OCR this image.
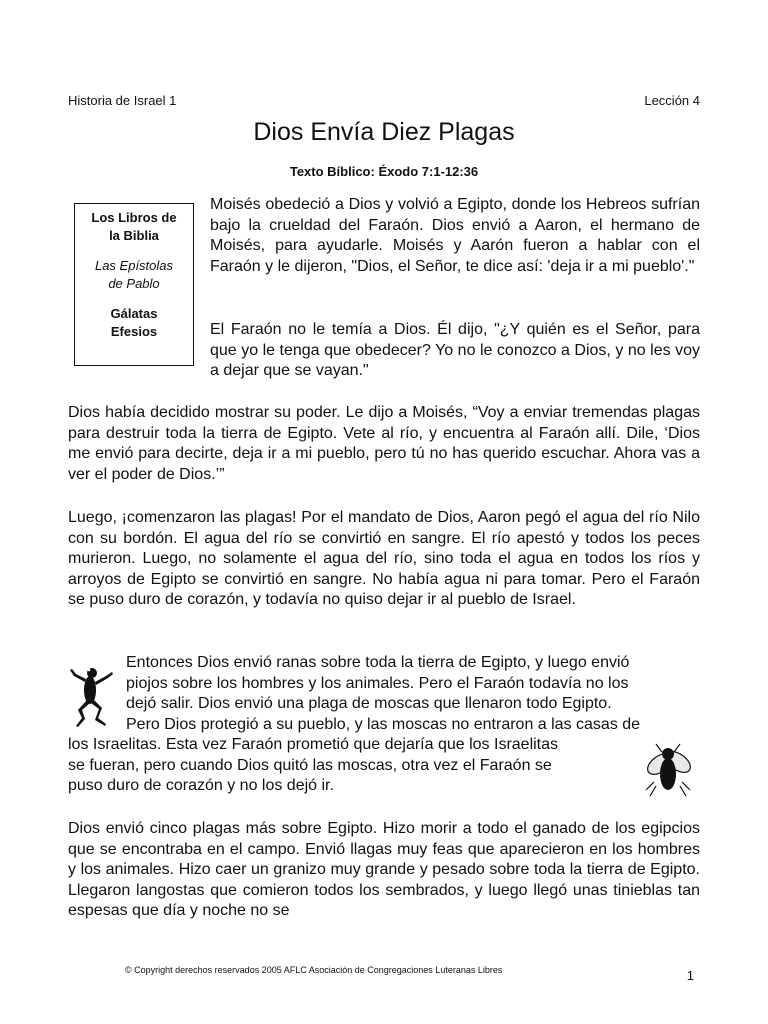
Historia de Israel 1	Lección 4
Dios Envía Diez Plagas
Texto Bíblico: Éxodo 7:1-12:36

Los Libros de
la Biblia

Las Epístolas
de Pablo

Gálatas
Efesios

Moisés obedeció a Dios y volvió a Egipto, donde los Hebreos sufrían bajo la crueldad del Faraón. Dios envió a Aaron, el hermano de Moisés, para ayudarle. Moisés y Aarón fueron a hablar con el Faraón y le dijeron, "Dios, el Señor, te dice así: 'deja ir a mi pueblo'."

El Faraón no le temía a Dios. Él dijo, "¿Y quién es el Señor, para que yo le tenga que obedecer? Yo no le conozco a Dios, y no les voy a dejar que se vayan."

Dios había decidido mostrar su poder. Le dijo a Moisés, “Voy a enviar tremendas plagas para destruir toda la tierra de Egipto. Vete al río, y encuentra al Faraón allí. Dile, ‘Dios me envió para decirte, deja ir a mi pueblo, pero tú no has querido escuchar. Ahora vas a ver el poder de Dios.’”

Luego, ¡comenzaron las plagas! Por el mandato de Dios, Aaron pegó el agua del río Nilo con su bordón. El agua del río se convirtió en sangre. El río apestó y todos los peces murieron. Luego, no solamente el agua del río, sino toda el agua en todos los ríos y arroyos de Egipto se convirtió en sangre. No había agua ni para tomar. Pero el Faraón se puso duro de corazón, y todavía no quiso dejar ir al pueblo de Israel.

Entonces Dios envió ranas sobre toda la tierra de Egipto, y luego envió
piojos sobre los hombres y los animales. Pero el Faraón todavía no los
dejó salir. Dios envió una plaga de moscas que llenaron todo Egipto.
Pero Dios protegió a su pueblo, y las moscas no entraron a las casas de
los Israelitas. Esta vez Faraón prometió que dejaría que los Israelitas
se fueran, pero cuando Dios quitó las moscas, otra vez el Faraón se
puso duro de corazón y no los dejó ir.

Dios envió cinco plagas más sobre Egipto. Hizo morir a todo el ganado de los egipcios que se encontraba en el campo. Envió llagas muy feas que aparecieron en los hombres y los animales. Hizo caer un granizo muy grande y pesado sobre toda la tierra de Egipto. Llegaron langostas que comieron todos los sembrados, y luego llegó unas tinieblas tan espesas que día y noche no se

© Copyright derechos reservados 2005 AFLC Asociación de Congregaciones Luteranas Libres	1
